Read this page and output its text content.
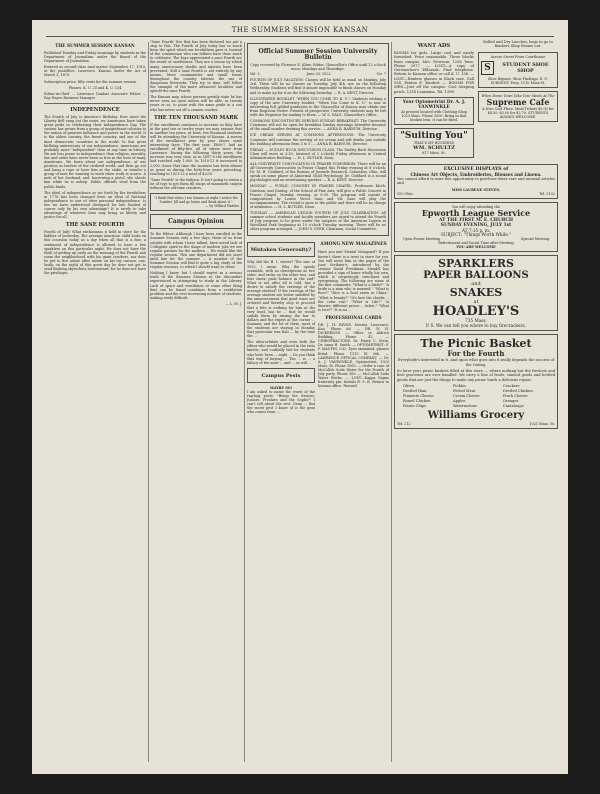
THE SUMMER SESSION KANSAN
THE SUMMER SESSION KANSAN
Published Tuesday and Friday mornings by students in the Department of Journalism under the Board of the Department of Journalism.
Entered as second-class mail matter September 17, 1910, at the postoffice, Lawrence, Kansas, under the Act of March 3, 1879.
Subscription price, fifty cents for the summer session.
Phones: K. U. 25 and K. U. 134
Editor-in-Chief ... Lawrence Dunbar Associate Editor ... Ray Hayes Business Manager
INDEPENDENCE
The Fourth of July is America's Birthday. Ever since the Liberty Bell rang out the news, we Americans have taken great pride in celebrating their Independence Day. The custom has grown from a group of insignificant colonies to the nation of greatest influence and power in the world. It is the oldest country, the freest country, and one of the most democratic countries in the world. In this great birthday anniversary of our independence, Americans are probably more "independent" than at any time in history. We are less prone to independence than religion, morality, law and order have never been so free in the lives of many Americans. We learn about our independence, of our position as leaders of the civilized world, and then go out and hang a rope or have him at the stake, or wonder a group of men for wanting to work when work is scarce. A mob of her husband, and, borrowing a pistol, she shoots him while he is asleep. Public officials steal from the public funds.
The ideal of independence as set forth by the forefathers in 1776 has been changed from an ideal of National independence to one of utter personal independence. Is law we have understood disregard for law, limited of course only by his own advantage? It is rarely to take advantage of whatever laws may bring us liberty and justice for all.
THE SANE FOURTH
Fourth of July! What enthusiasm it held in store for the kiddies of yesterday. The average American child looks on this occasion today as a day when all that is a fine, a sentiment of independence is allowed to have a few sparklers on this particular night. He does not have the thrill of getting up early on the morning of the Fourth and roam the neighborhood with his giant crackers, nor does he get to fire salute after salute on his toy cannon; one, lastly, on the night of this great day he does not get to send flashing skyrockets heavenward, for he does not have the privileges.
"Sane Fourth" fire that has been declared too put a stop to this. The Fourth of July today has so much been the spirit which our forefathers gave it. Instead of the commission who ran fathers have done much to celebrate. The boys appreciated a sane Fourth are the result of carefulness. They are a lesson by which many unnecessary deaths and injuries have been prevented. Still a sane Fourth is not entirely by any means. More communities and small towns throughout the country tolerate the use of dangerous fireworks. They try, in time, will follow the example of the more advanced localities and uphold the sane Fourth.
The Kansan may, whose parents greatly state he has never seen an open saloon will be able, in twenty years or so, to point with the same pride to a son who has never set off a cannon cracker.
THE TEN THOUSAND MARK
If the enrollment continues to increase as they have in the past ten or twelve years we may assume that in another ten years, at least, ten thousand students will be attending the University of Kansas. A survey of the enrollment year by year shows some interesting facts. The first year, 1866-7, had an enrollment of fifty-five, all of whom were from Lawrence. During the following thirty years, the increase was very slow, as in 1897-8 the enrollment had reached only 1,000. In 1910-11 it increased to 2,000. Since that time the increase has been almost as great as during the forty-four years preceding, reaching in 1921-22 a total of 4,630.
"Sane Fourth" is the fashion. It isn't going to strain a lot of toys to get them fill shops of mammoth canyon without the old-time crackers.
"I think that when I see Kansas at night I notice the 'lumber' Jill and go home and think about it."
— by Willard Wattles
Campus Opinion
To the Editor: Although I have been enrolled in the Summer Session only a few days, those of us from outside with whom I have talked, have noted lack of Collegiate spirit in the shape of modern jobs we see regular patrons for the modern ... We would like the regular session. This one department did not meet until late for the summer ... A number of the Summer Session will find it quite a big study of the regular sessions, to which I should want to cheer.
Nothing I know, but I should regret as a serious truth of the Summer Session in the discomfort experienced in attempting to study in the Library. Lack of space and ventilation or some other thing that can be found combines from a ventilation problem and the ever increasing number of students, making study difficult.
— L. M. J.
Official Summer Session University Bulletin
Copy received by Florence E. Kline, Editor, Chancellor's Office until 12 o'clock noon, Mondays and Thursdays.
Vol. 3.	June 30, 1922	No. 7
FOURTH OF JULY VACATION: Classes will be held as usual on Monday, July 3rd. There will be no classes on Tuesday, July 4th, nor on the following Wednesday. Students will find it almost impossible to finish classes on Monday and to make up for it on the following Saturday. — R. A. KENT, Director.
ILLUSTRATED BOOKLET "WHEN YOU COME TO K. U.": Students wishing a copy of the new University booklet, "When You Come to K. U." is now in interesting full, gilded graduates to the Chancellor of Kansas may obtain one from Registrar Foster. Friends of prospective University students may be left with the Registrar for mailing to them. — W. S. DALE, Chancellor's Office.
COMMONS DISCONTINUES SERVING SUNDAY BREAKFAST: The University Commons will not be open for breakfast Sunday mornings hereafter because of the small number desiring this service. — ANNA B. BARNUM, Director.
ICE CREAM SERVED AT COMMONS AFTERNOONS: The University Commons will continue the serving of ice cream and soft drinks just outside the building afternoons from 3 to 5. — ANNA B. BARNUM, Director.
FRIDAY — DUDLEY BUCK DISCUSSION CLASS: The Dudley Buck Discussion Class will meet at 3:30, (instead of 2 o'clock) Friday afternoon in Central Administration Building. — H. L. BUTLER, Dean.
ALL-UNIVERSITY CONVOCATION IN FRASER TOMORROW: There will be an all-University Convocation in Fraser Chapel this Friday evening at 8 o'clock. Dr. M. H. Goddard, of the Bureau of Juvenile Research, Columbus, Ohio, will speak on some phase of Abnormal Child Psychology. Dr. Goddard is a sound psychologist and an entertaining speaker. — R. A. KENT, Director.
MONDAY — PUBLIC CONCERT IN FRASER CHAPEL: Professors Kirch, Garrison, and Dunlog, of the School of Fine Arts, will give a Public Concert in Fraser Chapel, Monday evening, at 8:30. The program will consist of compositions by Louise Victor Saar, and Mr. Saar will play the accompaniments. The recital is open to the public and there will be no charge of admission. — H. L. BUTLER, Dean.
TUESDAY — AMERICAN LEGION FOURTH OF JULY CELEBRATION: All summer school students and faculty members are urged to attend the Fourth of July program to be given under the auspices of the American Legion at Woodland Park beginning at 10 o'clock Tuesday morning. There will be no other program arranged. — JOHN S. DYER, Chairman, Social Committee.
Mistaken Generosity?
Why did the B. I. winter? The sins of 1922, I mean. Why the openly scramble, with no descriptions as two sides, and tacks on the other two, and four exotic pads balance in the end? What is not after all is told, has a desire to satisfy the cravings of the average student? If the cravings of the average student are below satisfied by the announcement that good roses are ordered and thereby stop to proceed that a bite is nothing for him at the very least, has he ... that he would satisfy them by raising the bar to dollars and the expert at the corner ... Summer, and the lot of them, most of the students are staying in Monday that particular was that ... by the time the ...
The ultra-orbitals and even both the editor who would be placed in the ratio kinetic, and cordially bid for students who have been ... eight ... Do you think that way of buying ... The ... is ... a fallacy of the most ... and ... so will ...
Campus Pests
MAYBE SO!
I am asked to name the worst of the rag-hag pests: "Being the Seniors, Juniors, Freshies and the Sophs?" I can't tell about the rest. Dean ... But the worst pest I know of is the gent who comes from ...
AMONG NEW MAGAZINES
Have you met Mental Mangonel? If you haven't there is a treat in store for you. You will meet him in the pages of the June Scribner's, introduced by the creator David Freedman. Mendel has provided a sign of home wholly his own, which is surprisingly trenchant and eyeopening. The following are some of the first comments: "What is a bride?" "A bride is a man who is married." "What is Rice?" "Rice is a food eaten in China." "What is beauty?" "It's how the cheeks ... the color rise." "What is Life?" "A theatre; different prices ... ticket." "What is love?" "It is an ...
PROFESSIONAL CARDS
DR. J. H. PAYNE, Dentist, Lawrence, Kan. Phone 66. — DR. W. H. DICKERSON — Office in Aldrich Building, Phone 42. — CHIROPRACTORS: Dr. Harry C. Stein, Dr. Anna H. Smith. — OPTOMETRIST: F. P. MAUPIN, O.D., Eyes examined, glasses fitted. Phone 1115 W. 8th. — LAWRENCE OPTICAL COMPANY. — Dr. A. J. VANWINKLE, Optometrist, 1023 Mass. St. Phone 1000. — Order a case of McColloh Soda Water for the Fourth of July party. Phone 169. — McColloh Soda Water Works. — LOST—Kappa Sigma fraternity pin. Initials R. S. B. Return to Kansan office. Reward.
WANT ADS
ROOMS for girls. Large cool and nicely furnished. Price reasonable. Three blocks from campus. Mrs. Newsom, 1238 Tenn. Phone 2077. — LOST—A copy of Gerstaecker's Eldorado. Find telephone. Return to Kansan office or call K. U. 136. — LOST—Rimless glasses in black case. Call 954. Fenton E. Burdett. — ROOMS FOR MEN—Just off the campus. Cool sleeping porch. 1314 Louisiana. Tel. 1398.
Your Optometrist Dr. A. J. VANWINKLE
At present located with Clothing Shop 1023 Mass. Phone 1000. Bring in that broken lens; it can be fixed.
"Suiting You"
THAT'S MY BUSINESS
WM. SCHULTZ
817 Mass. St.
Rolled and Dry Lunches, bags to go to Bankers Shop Rooms out.
Across Street From Courthouse
S	STUDENT SHOE SHOP
Shoe Repairs. Shoe Findings. E. O. SURGENT, Prop. 1110 Mass St.
When Down Town Take Your Meals At The
Supreme Cafe
A Nice Cool Place. Meal Tickets $5.00 for $4.50. $3.00 for $2.70. STUDENTS ALWAYS WELCOME.
EXCLUSIVE DISPLAYS of
Chinese Art Objects, Embroideries, Blouses and Linens.
You cannot afford to miss this opportunity to purchase these rare and unusual articles and
MISS LAURENE STEVEN.
550 Ohio	Tel. 2102
You will enjoy attending the
Epworth League Service
AT THE FIRST M. E. CHURCH
SUNDAY EVENING, JULY 1st
AT 7:15 p. m.
SUBJECT: "Things Worth While."
Open Forum Meeting	Special Meeting
Refreshment and Social Time after Meeting
YOU ARE WELCOME
SPARKLERS
PAPER BALLOONS
and
SNAKES
at
HOADLEY'S
735 Mass.
P. S. We can tell you where to buy firecrackers.
The Picnic Basket
For the Fourth
Everybody's interested in it. And upon what goes into it really depends the success of the Outing.
So have your picnic baskets filled at this store — where nothing but the freshest and best groceries are ever handled. We carry a line of fruits, canned goods and bottled goods that are just the things to make any picnic lunch a delicious repast.
Olives	Pickles	Crackers
Deviled Ham	Potted Meat	Deviled Chicken
Pimiento Cheese	Cream Cheese	Pinch Cheese
Boned Chicken	Apples	Oranges
Potato Chips	Watermelons	Cantaloupe
Williams Grocery
Tel. 212	1021 Mass. St.
